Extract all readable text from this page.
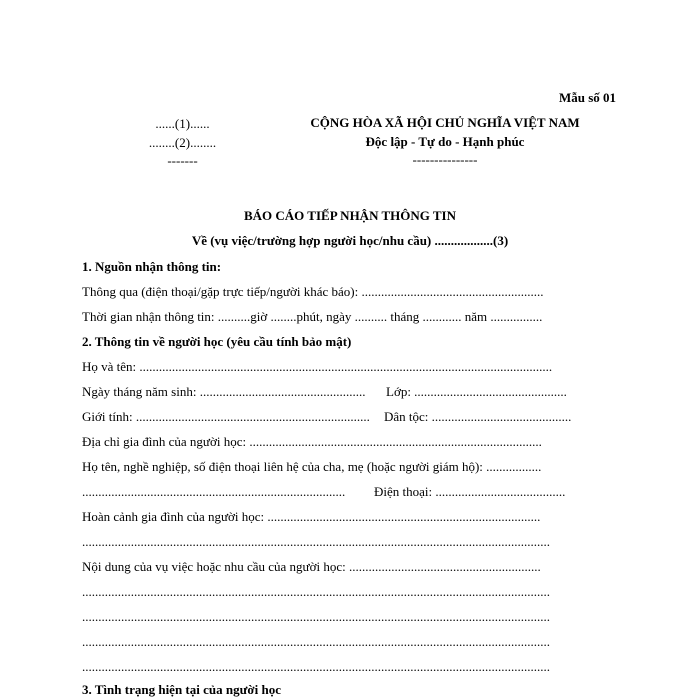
Mẫu số 01
......(1)......
........(2)........
-------
CỘNG HÒA XÃ HỘI CHỦ NGHĨA VIỆT NAM
Độc lập - Tự do - Hạnh phúc
---------------
BÁO CÁO TIẾP NHẬN THÔNG TIN
Về (vụ việc/trường hợp người học/nhu cầu) ..................(3)
1. Nguồn nhận thông tin:
Thông qua (điện thoại/gặp trực tiếp/người khác báo): ........................................................
Thời gian nhận thông tin: ..........giờ ........phút, ngày .......... tháng ............ năm ................
2. Thông tin về người học (yêu cầu tính bảo mật)
Họ và tên: ...............................................................................................................................
Ngày tháng năm sinh: ................................................... Lớp: ...............................................
Giới tính: ........................................................................ Dân tộc: ...........................................
Địa chỉ gia đình của người học: ..........................................................................................
Họ tên, nghề nghiệp, số điện thoại liên hệ của cha, mẹ (hoặc người giám hộ): .................
................................................................................. Điện thoại: ........................................
Hoàn cảnh gia đình của người học: ....................................................................................
................................................................................................................................................
Nội dung của vụ việc hoặc nhu cầu của người học: ...........................................................
................................................................................................................................................
................................................................................................................................................
................................................................................................................................................
................................................................................................................................................
3. Tình trạng hiện tại của người học
